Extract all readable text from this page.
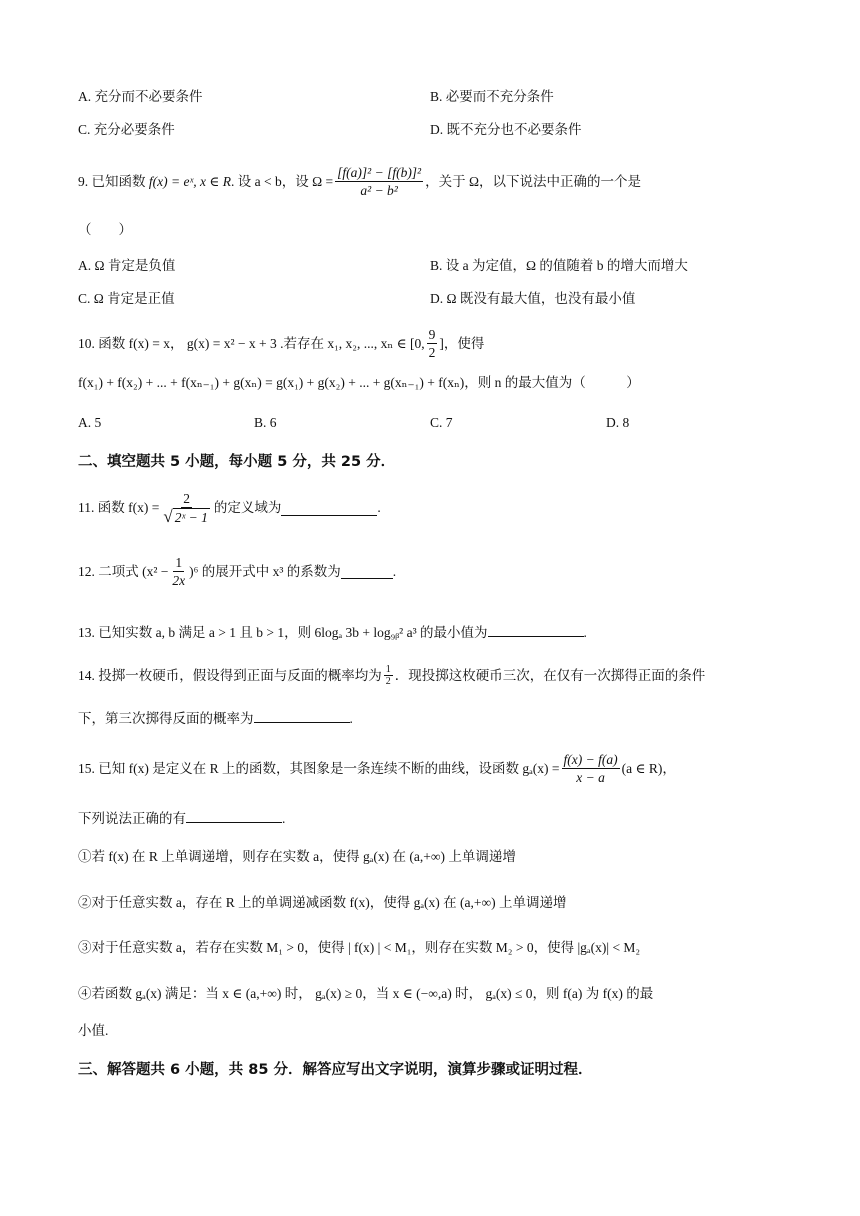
A. 充分而不必要条件	B. 必要而不充分条件
C. 充分必要条件	D. 既不充分也不必要条件
9.
已知函数
f(x) = eˣ, x ∈ R . 设 a < b，设 $\Omega = \frac{\text{[f(a)]² − [f(b)]²}}{\text{a² − b²}}$ ，关于 Ω，以下说法中正确的一个是
（　　）
A. Ω 肯定是负值	B. 设 a 为定值，Ω 的值随着 b 的增大而增大
C. Ω 肯定是正值	D. Ω 既没有最大值，也没有最小值
10.
函数 f(x) = x， g(x) = x² − x + 3 .若存在 x₁, x₂, ..., xₙ ∈ [0, $\frac{9}{2}$ ]，使得
f(x₁) + f(x₂) + ... + f(xₙ₋₁) + g(xₙ) = g(x₁) + g(x₂) + ... + g(xₙ₋₁) + f(xₙ)，则 n 的最大值为（　　　）
A. 5	B. 6	C. 7	D. 8
二、填空题共 5 小题，每小题 5 分，共 25 分．
11.
函数 $f(x) = \frac{2}{\text{√ 2ˣ − 1}}$ 的定义域为	.
12.
二项式 $(x^2 - \frac{1}{2x} )^6$ 的展开式中 x³ 的系数为	.
13. 已知实数 a, b 满足 a > 1 且 b > 1，则 6logₐ 3b + log₉ᵦ² a³ 的最小值为	.
14.
投掷一枚硬币，假设得到正面与反面的概率均为 $\frac{1}{2}$ ．现投掷这枚硬币三次，在仅有一次掷得正面的条件
下，第三次掷得反面的概率为	.
15.
已知 f(x) 是定义在 R 上的函数，其图象是一条连续不断的曲线，设函数 $g_a(x) = \frac{f(x) - f(a)}{x - a} (a$ ∈ R)，
下列说法正确的有	.
①若 f(x) 在 R 上单调递增，则存在实数 a，使得 gₐ(x) 在 (a,+∞) 上单调递增
②对于任意实数 a，存在 R 上的单调递减函数 f(x)，使得 gₐ(x) 在 (a,+∞) 上单调递增
③对于任意实数 a，若存在实数 M₁ > 0，使得 | f(x) | < M₁，则存在实数 M₂ > 0，使得 |gₐ(x)| < M₂
④若函数 gₐ(x) 满足：当 x ∈ (a,+∞) 时， gₐ(x) ≥ 0，当 x ∈ (−∞,a) 时， gₐ(x) ≤ 0，则 f(a) 为 f(x) 的最
小值.
三、解答题共 6 小题，共 85 分．解答应写出文字说明，演算步骤或证明过程．
